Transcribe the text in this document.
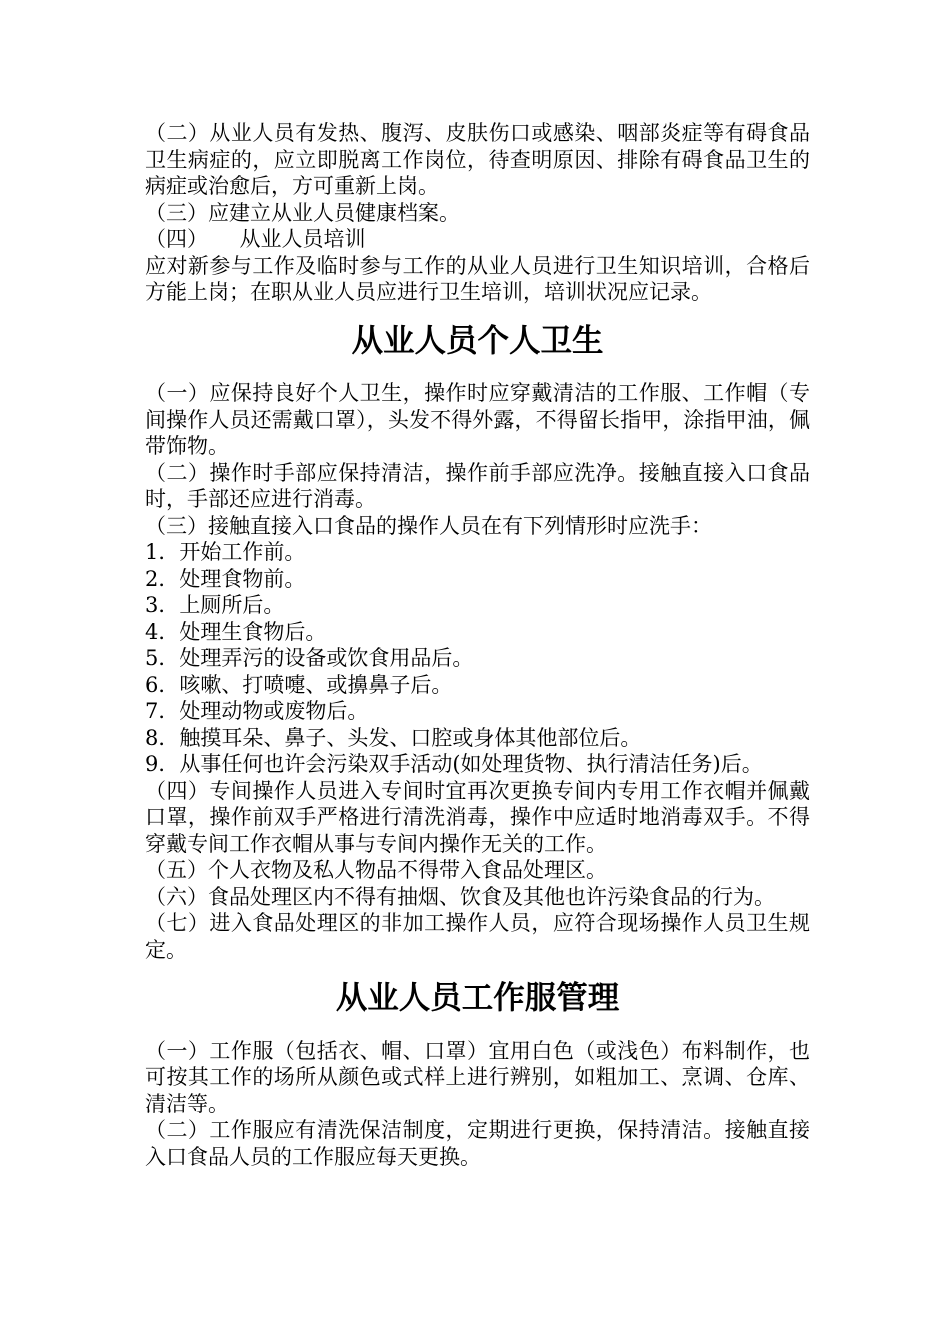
（二）从业人员有发热、腹泻、皮肤伤口或感染、咽部炎症等有碍食品卫生病症的，应立即脱离工作岗位，待查明原因、排除有碍食品卫生的病症或治愈后，方可重新上岗。

（三）应建立从业人员健康档案。

（四）　　从业人员培训

应对新参与工作及临时参与工作的从业人员进行卫生知识培训，合格后方能上岗；在职从业人员应进行卫生培训，培训状况应记录。

从业人员个人卫生

（一）应保持良好个人卫生，操作时应穿戴清洁的工作服、工作帽（专间操作人员还需戴口罩），头发不得外露，不得留长指甲，涂指甲油，佩带饰物。

（二）操作时手部应保持清洁，操作前手部应洗净。接触直接入口食品时，手部还应进行消毒。

（三）接触直接入口食品的操作人员在有下列情形时应洗手：

1．开始工作前。

2．处理食物前。

3．上厕所后。

4．处理生食物后。

5．处理弄污的设备或饮食用品后。

6．咳嗽、打喷嚏、或擤鼻子后。

7．处理动物或废物后。

8．触摸耳朵、鼻子、头发、口腔或身体其他部位后。

9．从事任何也许会污染双手活动(如处理货物、执行清洁任务)后。

（四）专间操作人员进入专间时宜再次更换专间内专用工作衣帽并佩戴口罩，操作前双手严格进行清洗消毒，操作中应适时地消毒双手。不得穿戴专间工作衣帽从事与专间内操作无关的工作。

（五）个人衣物及私人物品不得带入食品处理区。

（六）食品处理区内不得有抽烟、饮食及其他也许污染食品的行为。

（七）进入食品处理区的非加工操作人员，应符合现场操作人员卫生规定。

从业人员工作服管理

（一）工作服（包括衣、帽、口罩）宜用白色（或浅色）布料制作，也可按其工作的场所从颜色或式样上进行辨别，如粗加工、烹调、仓库、清洁等。

（二）工作服应有清洗保洁制度，定期进行更换，保持清洁。接触直接入口食品人员的工作服应每天更换。
